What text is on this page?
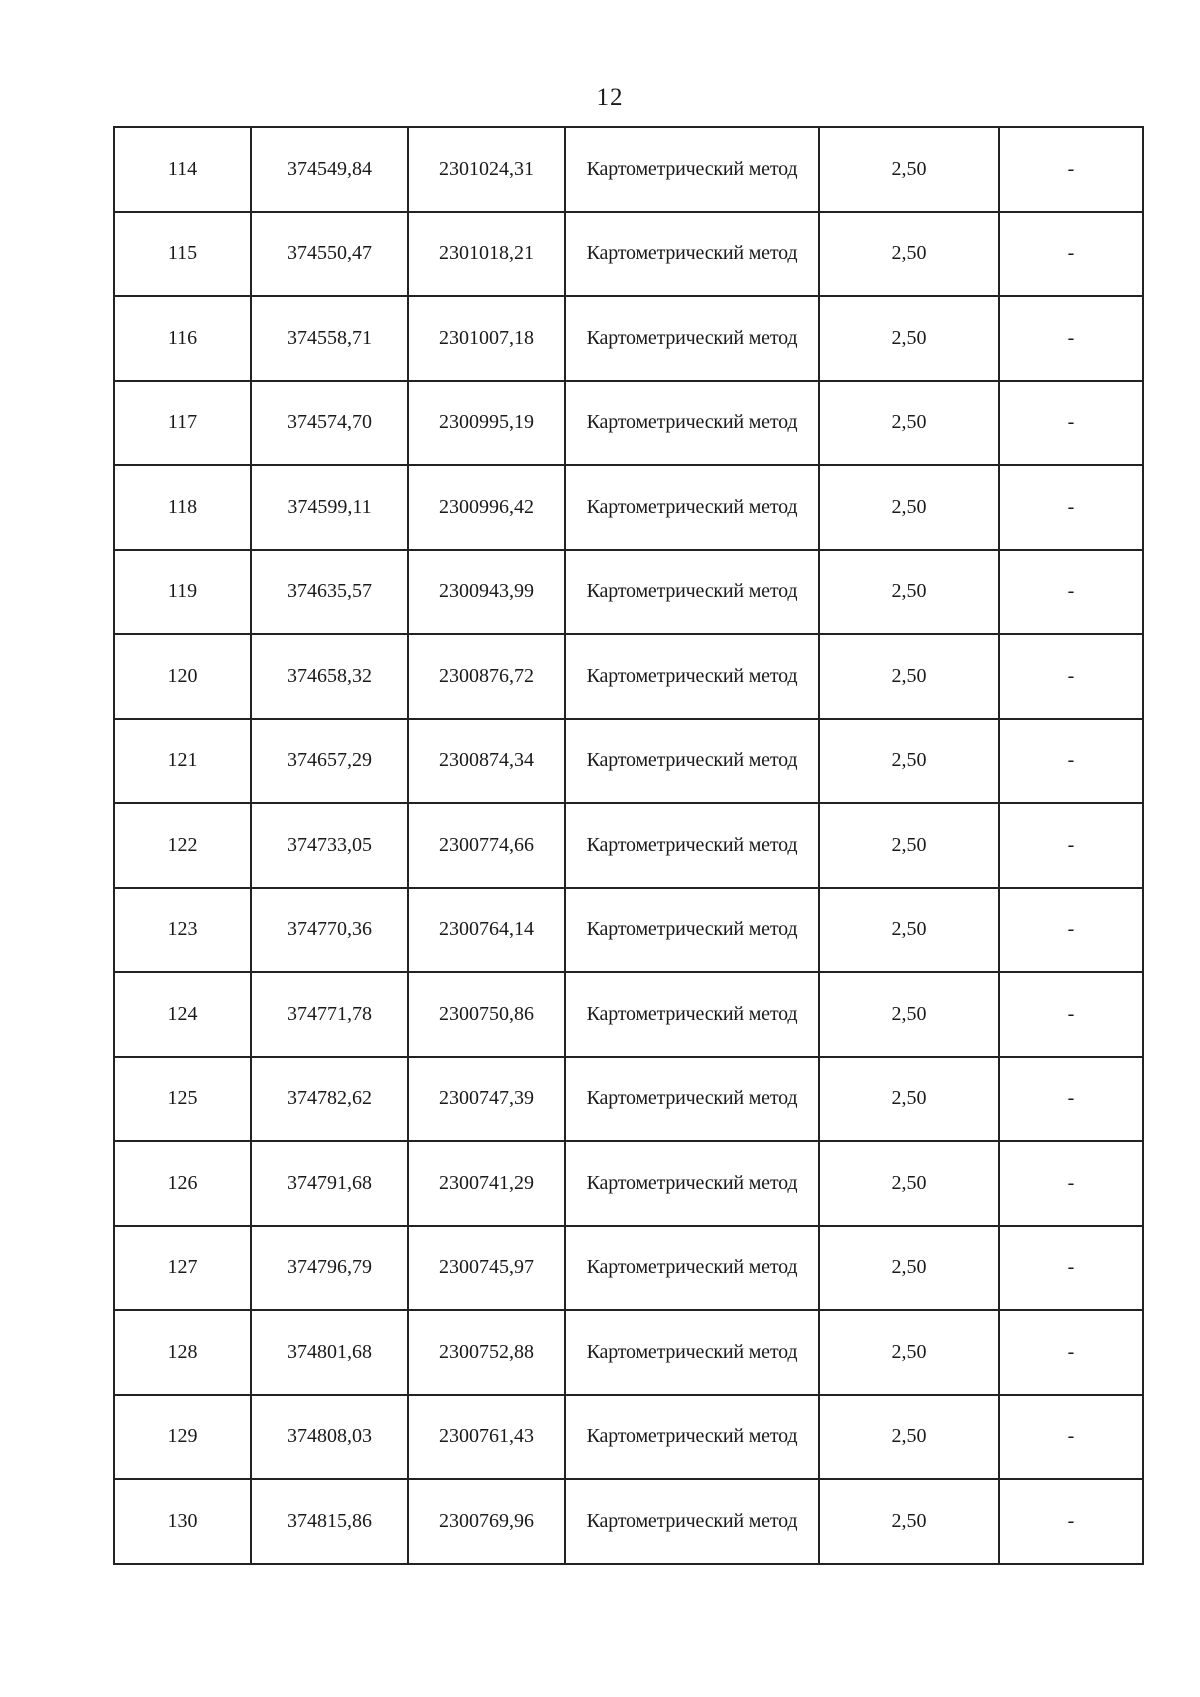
12
114	374549,84	2301024,31	Картометрический метод	2,50	-
115	374550,47	2301018,21	Картометрический метод	2,50	-
116	374558,71	2301007,18	Картометрический метод	2,50	-
117	374574,70	2300995,19	Картометрический метод	2,50	-
118	374599,11	2300996,42	Картометрический метод	2,50	-
119	374635,57	2300943,99	Картометрический метод	2,50	-
120	374658,32	2300876,72	Картометрический метод	2,50	-
121	374657,29	2300874,34	Картометрический метод	2,50	-
122	374733,05	2300774,66	Картометрический метод	2,50	-
123	374770,36	2300764,14	Картометрический метод	2,50	-
124	374771,78	2300750,86	Картометрический метод	2,50	-
125	374782,62	2300747,39	Картометрический метод	2,50	-
126	374791,68	2300741,29	Картометрический метод	2,50	-
127	374796,79	2300745,97	Картометрический метод	2,50	-
128	374801,68	2300752,88	Картометрический метод	2,50	-
129	374808,03	2300761,43	Картометрический метод	2,50	-
130	374815,86	2300769,96	Картометрический метод	2,50	-
